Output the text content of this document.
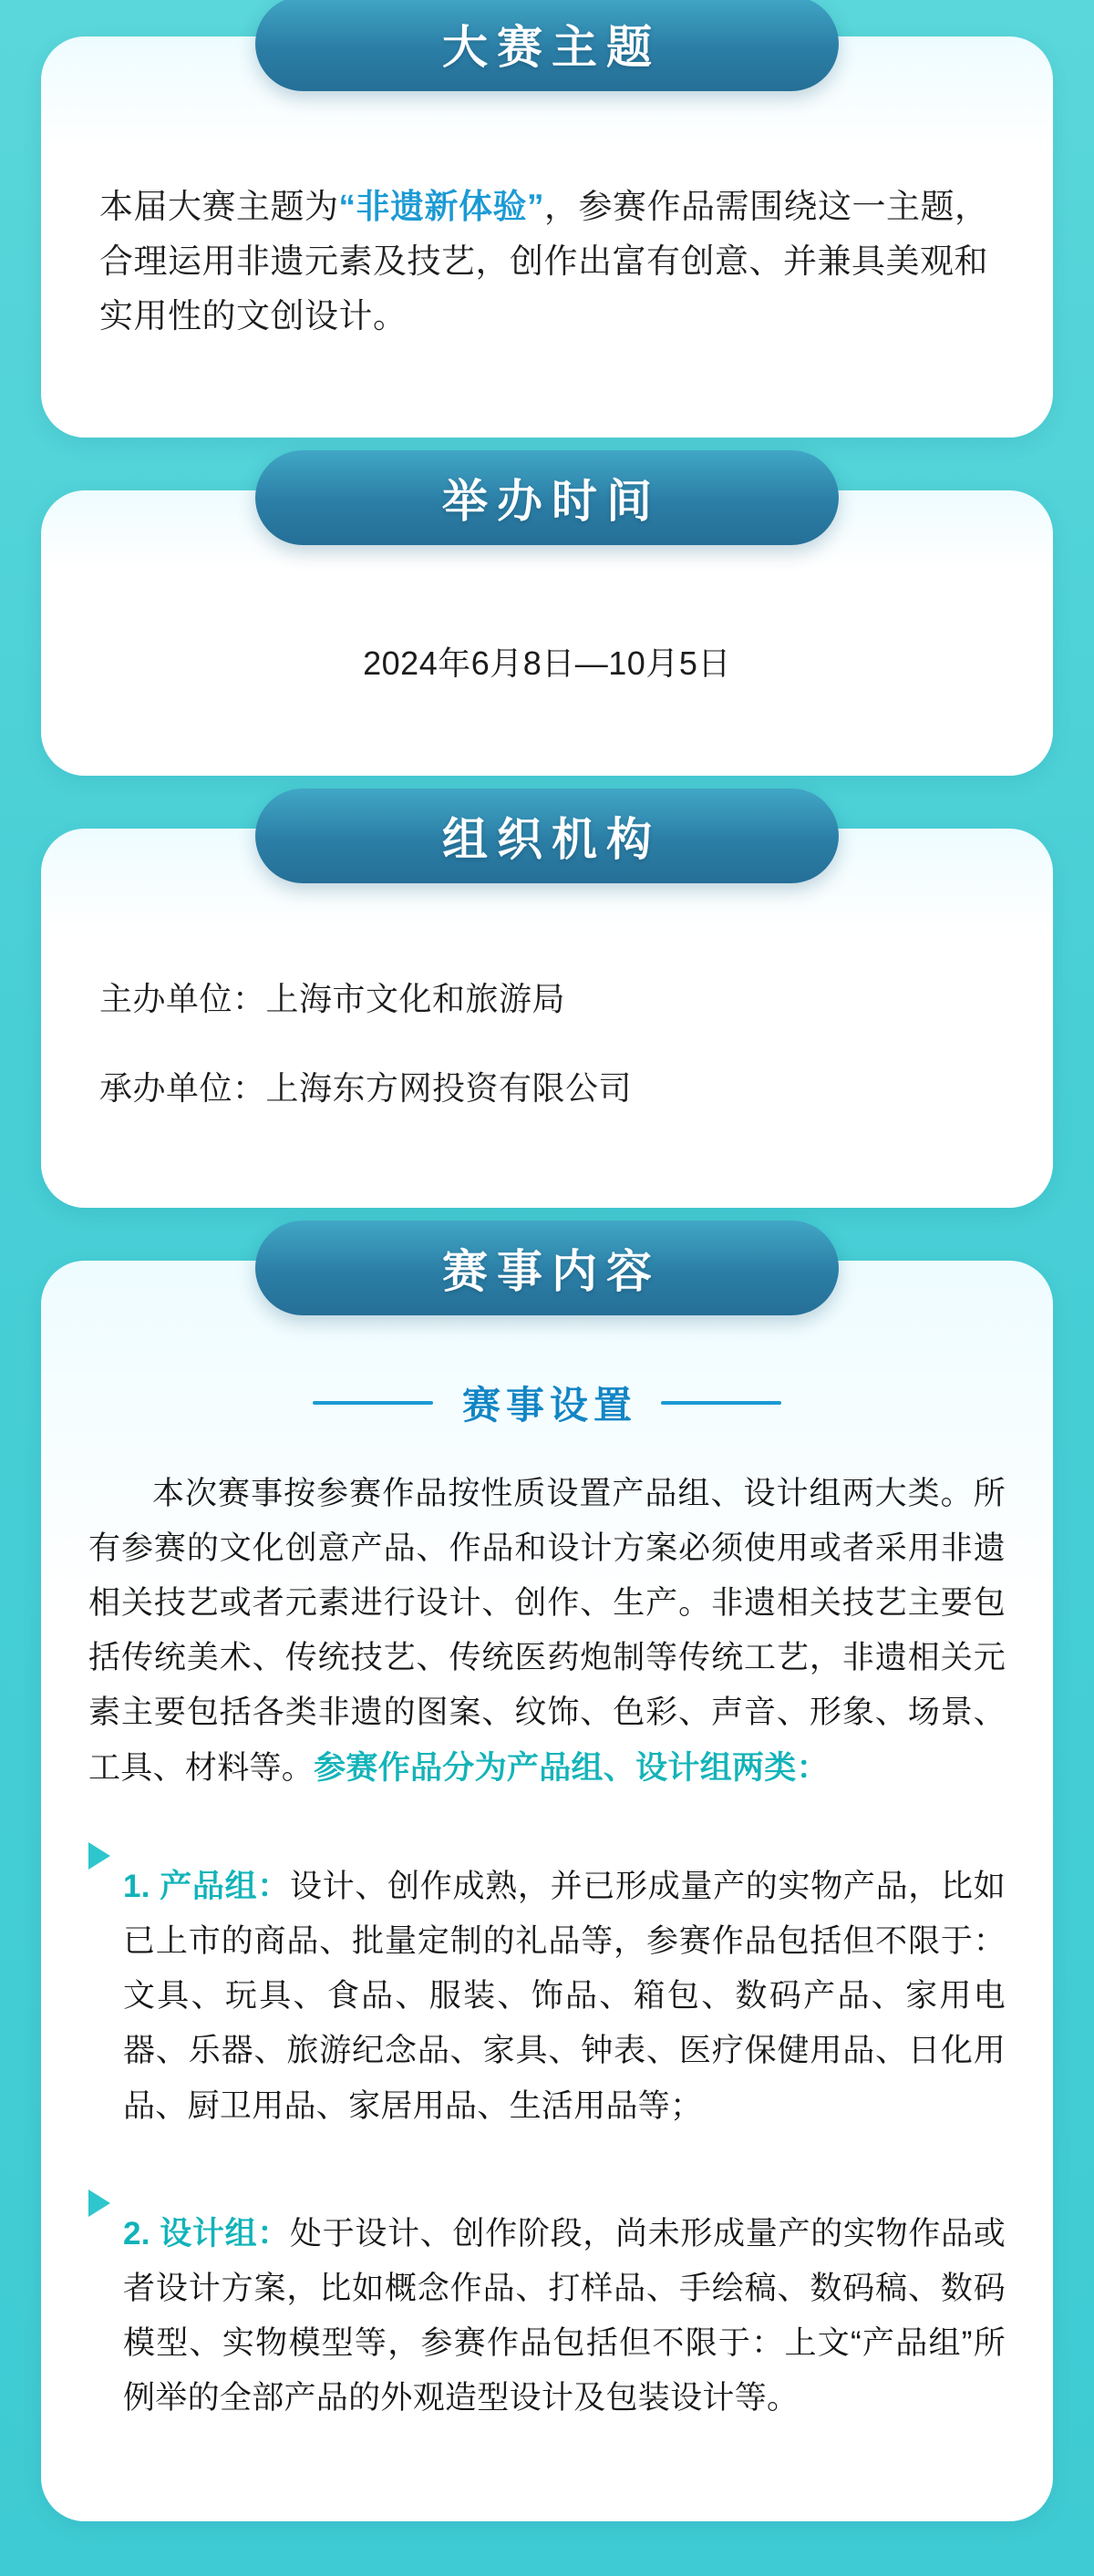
大赛主题

本届大赛主题为“非遗新体验”，参赛作品需围绕这一主题，合理运用非遗元素及技艺，创作出富有创意、并兼具美观和实用性的文创设计。

举办时间

2024年6月8日—10月5日

组织机构

主办单位：上海市文化和旅游局

承办单位：上海东方网投资有限公司

赛事内容
赛事设置

本次赛事按参赛作品按性质设置产品组、设计组两大类。所有参赛的文化创意产品、作品和设计方案必须使用或者采用非遗相关技艺或者元素进行设计、创作、生产。非遗相关技艺主要包括传统美术、传统技艺、传统医药炮制等传统工艺，非遗相关元素主要包括各类非遗的图案、纹饰、色彩、声音、形象、场景、工具、材料等。参赛作品分为产品组、设计组两类：

1. 产品组：设计、创作成熟，并已形成量产的实物产品，比如已上市的商品、批量定制的礼品等，参赛作品包括但不限于：文具、玩具、食品、服装、饰品、箱包、数码产品、家用电器、乐器、旅游纪念品、家具、钟表、医疗保健用品、日化用品、厨卫用品、家居用品、生活用品等；

2. 设计组：处于设计、创作阶段，尚未形成量产的实物作品或者设计方案，比如概念作品、打样品、手绘稿、数码稿、数码模型、实物模型等，参赛作品包括但不限于：上文“产品组”所例举的全部产品的外观造型设计及包装设计等。
